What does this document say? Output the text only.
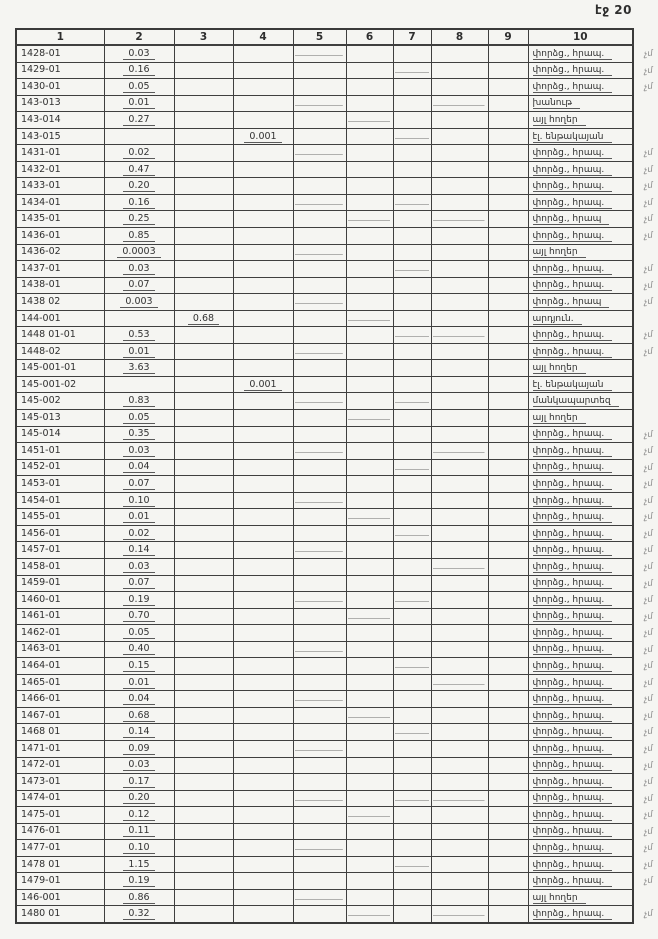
էջ 20
1	2	3	4	5	6	7	8	9	10
1428-01	0.03								փորձց., հրապ. չմ

1429-01	0.16								փորձց., հրապ. չմ

1430-01	0.05								փորձց., հրապ. չմ

143-013	0.01								խանութ
143-014	0.27								այլ հողեր
143-015			0.001						էլ. ենթակայան
1431-01	0.02								փորձց., հրապ. չմ

1432-01	0.47								փորձց., հրապ. չմ

1433-01	0.20								փորձց., հրապ. չմ

1434-01	0.16								փորձց., հրապ. չմ

1435-01	0.25								փորձց., հրապ չմ

1436-01	0.85								փորձց., հրապ. չմ

1436-02	0.0003								այլ հողեր
1437-01	0.03								փորձց., հրապ. չմ

1438-01	0.07								փորձց., հրապ. չմ

1438 02	0.003								փորձց., հրապ չմ

144-001		0.68							արդյուն.
1448 01-01	0.53								փորձց., հրապ. չմ

1448-02	0.01								փորձց., հրապ. չմ

145-001-01	3.63								այլ հողեր
145-001-02			0.001						էլ. ենթակայան
145-002	0.83								մանկապարտեզ
145-013	0.05								այլ հողեր
145-014	0.35								փորձց., հրապ. չմ

1451-01	0.03								փորձց., հրապ. չմ

1452-01	0.04								փորձց., հրապ. չմ

1453-01	0.07								փորձց., հրապ. չմ

1454-01	0.10								փորձց., հրապ. չմ

1455-01	0.01								փորձց., հրապ. չմ

1456-01	0.02								փորձց., հրապ. չմ

1457-01	0.14								փորձց., հրապ. չմ

1458-01	0.03								փորձց., հրապ. չմ

1459-01	0.07								փորձց., հրապ. չմ

1460-01	0.19								փորձց., հրապ. չմ

1461-01	0.70								փորձց., հրապ. չմ

1462-01	0.05								փորձց., հրապ. չմ

1463-01	0.40								փորձց., հրապ. չմ

1464-01	0.15								փորձց., հրապ. չմ

1465-01	0.01								փորձց., հրապ. չմ

1466-01	0.04								փորձց., հրապ. չմ

1467-01	0.68								փորձց., հրապ. չմ

1468 01	0.14								փորձց., հրապ. չմ

1471-01	0.09								փորձց., հրապ. չմ

1472-01	0.03								փորձց., հրապ. չմ

1473-01	0.17								փորձց., հրապ. չմ

1474-01	0.20								փորձց., հրապ. չմ

1475-01	0.12								փորձց., հրապ. չմ

1476-01	0.11								փորձց., հրապ. չմ

1477-01	0.10								փորձց., հրապ. չմ

1478 01	1.15								փորձց., հրապ. չմ

1479-01	0.19								փորձց., հրապ. չմ

146-001	0.86								այլ հողեր
1480 01	0.32								փորձց., հրապ. չմ
